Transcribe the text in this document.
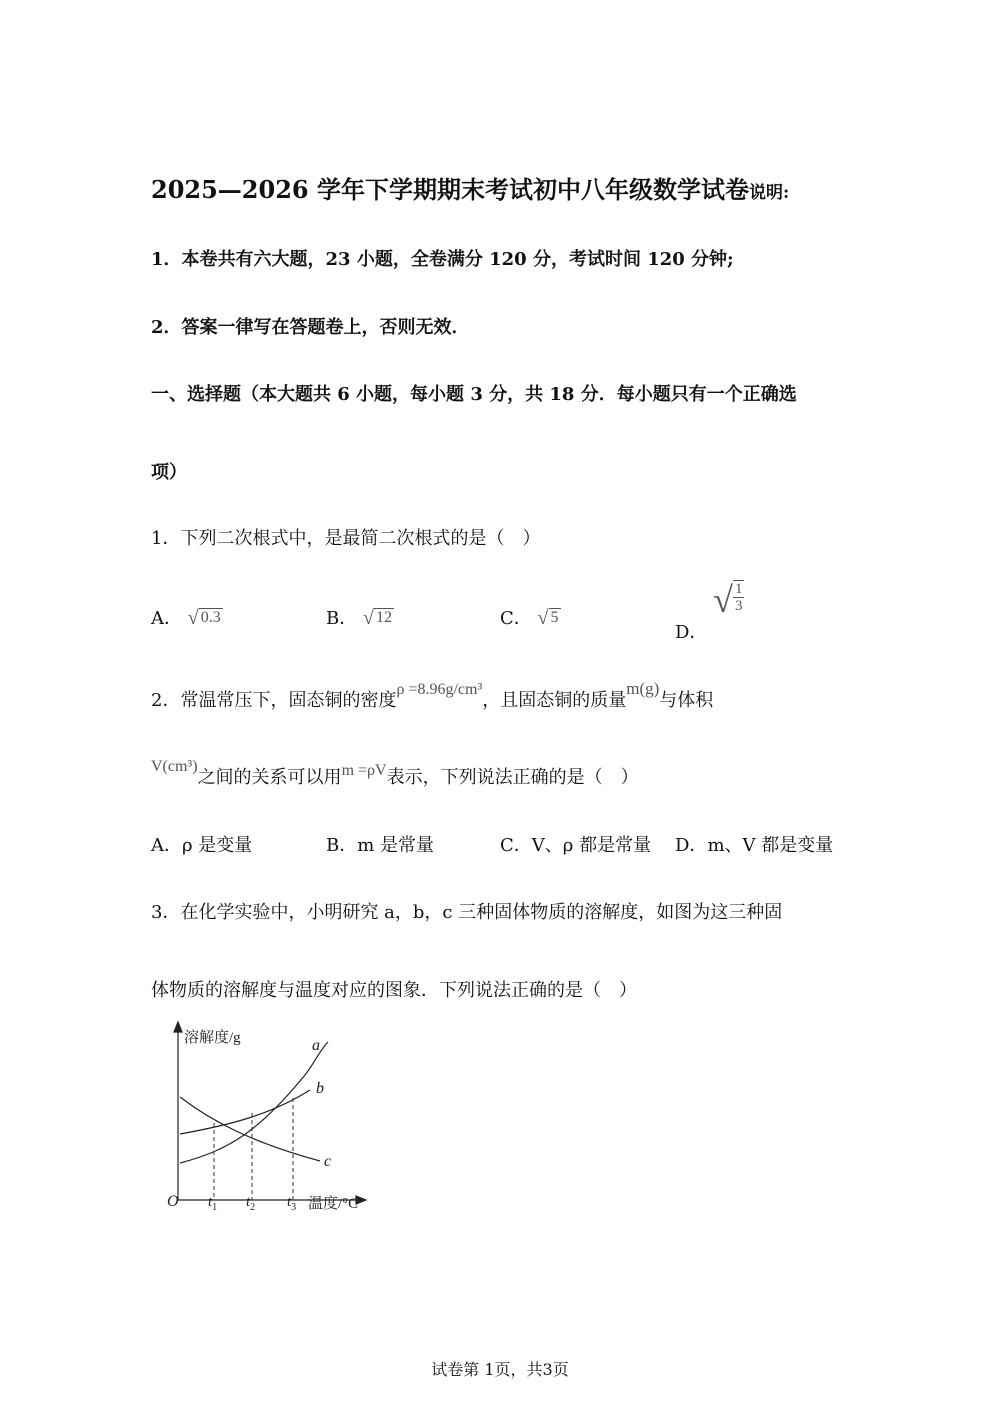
2025—2026 学年下学期期末考试初中八年级数学试卷说明:
1．本卷共有六大题，23 小题，全卷满分 120 分，考试时间 120 分钟;
2．答案一律写在答题卷上，否则无效．
一、选择题（本大题共 6 小题，每小题 3 分，共 18 分．每小题只有一个正确选
项）
1．下列二次根式中，是最简二次根式的是（　）
A． √ 0.3	B． √ 12	C． √ 5
D．
√ $\frac{1}{3}$
2．常温常压下，固态铜的密度ρ =8.96g/cm³，且固态铜的质量m(g)与体积
V(cm³)之间的关系可以用m =ρV表示，下列说法正确的是（　）
A．ρ 是变量	B．m 是常量	C．V、ρ 都是常量 D．m、V 都是变量
3．在化学实验中，小明研究 a，b，c 三种固体物质的溶解度，如图为这三种固
体物质的溶解度与温度对应的图象．下列说法正确的是（　）
溶解度/g
温度/°C
O
a
b
c
$t_1$ $t_2$ $t_3$
试卷第 1页，共3页
